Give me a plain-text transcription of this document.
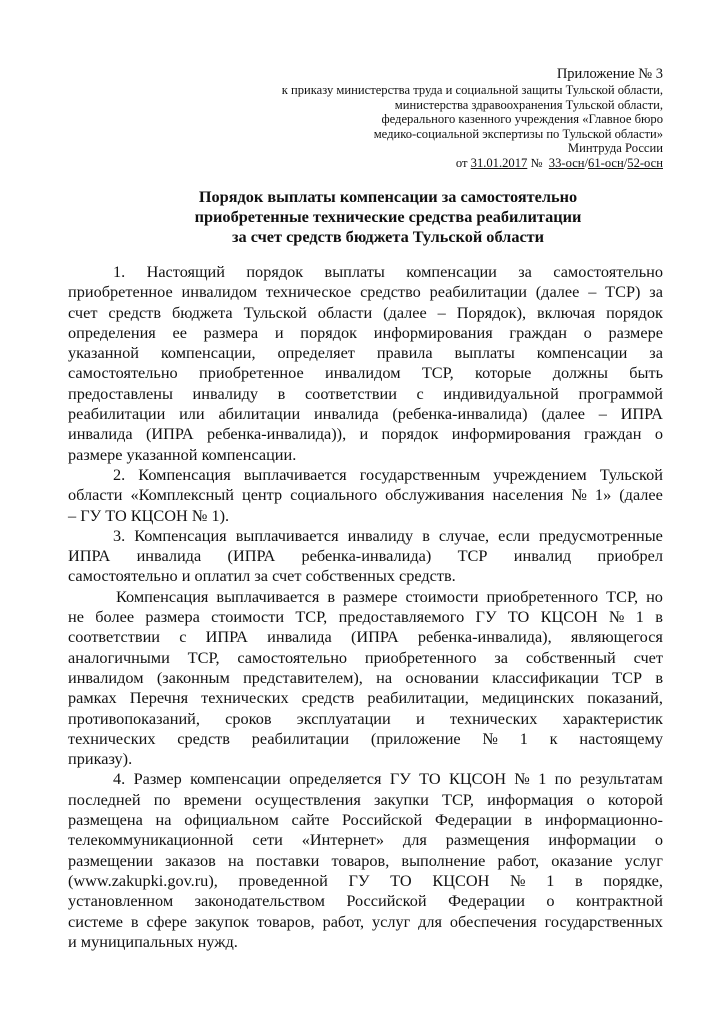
Приложение № 3
к приказу министерства труда и социальной защиты Тульской области,
министерства здравоохранения Тульской области,
федерального казенного учреждения «Главное бюро
медико-социальной экспертизы по Тульской области»
Минтруда России
от 31.01.2017 № 33-осн/61-осн/52-осн
Порядок выплаты компенсации за самостоятельно
приобретенные технические средства реабилитации
за счет средств бюджета Тульской области
1. Настоящий порядок выплаты компенсации за самостоятельно
приобретенное инвалидом техническое средство реабилитации (далее – ТСР) за
счет средств бюджета Тульской области (далее – Порядок), включая порядок
определения ее размера и порядок информирования граждан о размере
указанной компенсации, определяет правила выплаты компенсации за
самостоятельно приобретенное инвалидом ТСР, которые должны быть
предоставлены инвалиду в соответствии с индивидуальной программой
реабилитации или абилитации инвалида (ребенка-инвалида) (далее – ИПРА
инвалида (ИПРА ребенка-инвалида)), и порядок информирования граждан о
размере указанной компенсации.
2. Компенсация выплачивается государственным учреждением Тульской
области «Комплексный центр социального обслуживания населения № 1» (далее
– ГУ ТО КЦСОН № 1).
3. Компенсация выплачивается инвалиду в случае, если предусмотренные
ИПРА инвалида (ИПРА ребенка-инвалида) ТСР инвалид приобрел
самостоятельно и оплатил за счет собственных средств.
Компенсация выплачивается в размере стоимости приобретенного ТСР, но
не более размера стоимости ТСР, предоставляемого ГУ ТО КЦСОН № 1 в
соответствии с ИПРА инвалида (ИПРА ребенка-инвалида), являющегося
аналогичными ТСР, самостоятельно приобретенного за собственный счет
инвалидом (законным представителем), на основании классификации ТСР в
рамках Перечня технических средств реабилитации, медицинских показаний,
противопоказаний, сроков эксплуатации и технических характеристик
технических средств реабилитации (приложение № 1 к настоящему
приказу).
4. Размер компенсации определяется ГУ ТО КЦСОН № 1 по результатам
последней по времени осуществления закупки ТСР, информация о которой
размещена на официальном сайте Российской Федерации в информационно-
телекоммуникационной сети «Интернет» для размещения информации о
размещении заказов на поставки товаров, выполнение работ, оказание услуг
(www.zakupki.gov.ru), проведенной ГУ ТО КЦСОН № 1 в порядке,
установленном законодательством Российской Федерации о контрактной
системе в сфере закупок товаров, работ, услуг для обеспечения государственных
и муниципальных нужд.
